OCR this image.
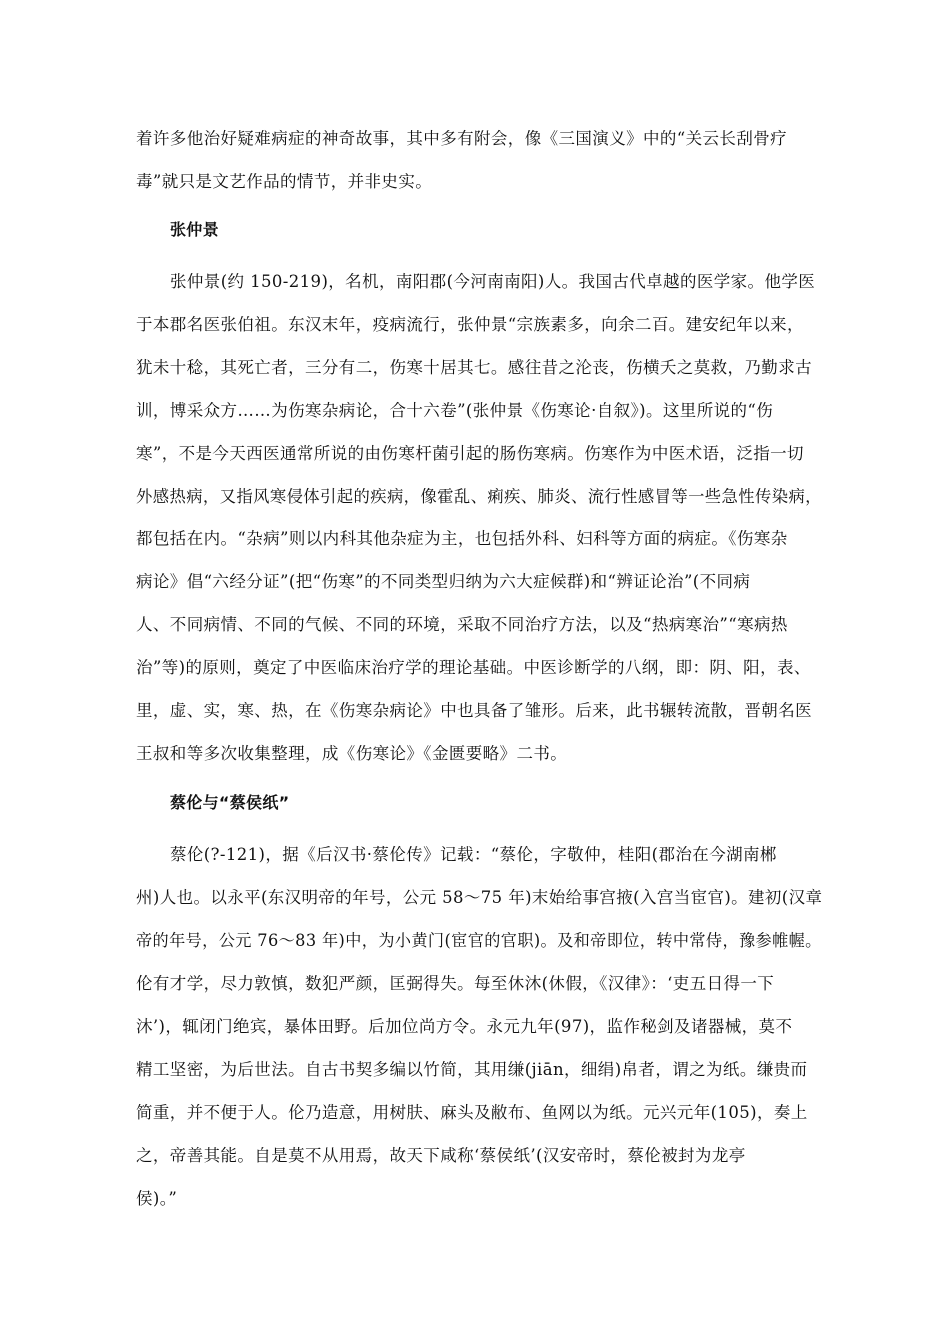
着许多他治好疑难病症的神奇故事，其中多有附会，像《三国演义》中的“关云长刮骨疗
毒”就只是文艺作品的情节，并非史实。
张仲景
张仲景(约 150-219)，名机，南阳郡(今河南南阳)人。我国古代卓越的医学家。他学医
于本郡名医张伯祖。东汉末年，疫病流行，张仲景“宗族素多，向余二百。建安纪年以来，
犹未十稔，其死亡者，三分有二，伤寒十居其七。感往昔之沦丧，伤横夭之莫救，乃勤求古
训，博采众方……为伤寒杂病论，合十六卷”(张仲景《伤寒论·自叙》)。这里所说的“伤
寒”，不是今天西医通常所说的由伤寒杆菌引起的肠伤寒病。伤寒作为中医术语，泛指一切
外感热病，又指风寒侵体引起的疾病，像霍乱、痢疾、肺炎、流行性感冒等一些急性传染病，
都包括在内。“杂病”则以内科其他杂症为主，也包括外科、妇科等方面的病症。《伤寒杂
病论》倡“六经分证”(把“伤寒”的不同类型归纳为六大症候群)和“辨证论治”(不同病
人、不同病情、不同的气候、不同的环境，采取不同治疗方法，以及“热病寒治”“寒病热
治”等)的原则，奠定了中医临床治疗学的理论基础。中医诊断学的八纲，即：阴、阳，表、
里，虚、实，寒、热，在《伤寒杂病论》中也具备了雏形。后来，此书辗转流散，晋朝名医
王叔和等多次收集整理，成《伤寒论》《金匮要略》二书。
蔡伦与“蔡侯纸”
蔡伦(?-121)，据《后汉书·蔡伦传》记载：“蔡伦，字敬仲，桂阳(郡治在今湖南郴
州)人也。以永平(东汉明帝的年号，公元 58～75 年)末始给事宫掖(入宫当宦官)。建初(汉章
帝的年号，公元 76～83 年)中，为小黄门(宦官的官职)。及和帝即位，转中常侍，豫参帷幄。
伦有才学，尽力敦慎，数犯严颜，匡弼得失。每至休沐(休假，《汉律》：‘吏五日得一下
沐’)，辄闭门绝宾，暴体田野。后加位尚方令。永元九年(97)，监作秘剑及诸器械，莫不
精工坚密，为后世法。自古书契多编以竹简，其用缣(jiān，细绢)帛者，谓之为纸。缣贵而
简重，并不便于人。伦乃造意，用树肤、麻头及敝布、鱼网以为纸。元兴元年(105)，奏上
之，帝善其能。自是莫不从用焉，故天下咸称‘蔡侯纸’(汉安帝时，蔡伦被封为龙亭
侯)。”
